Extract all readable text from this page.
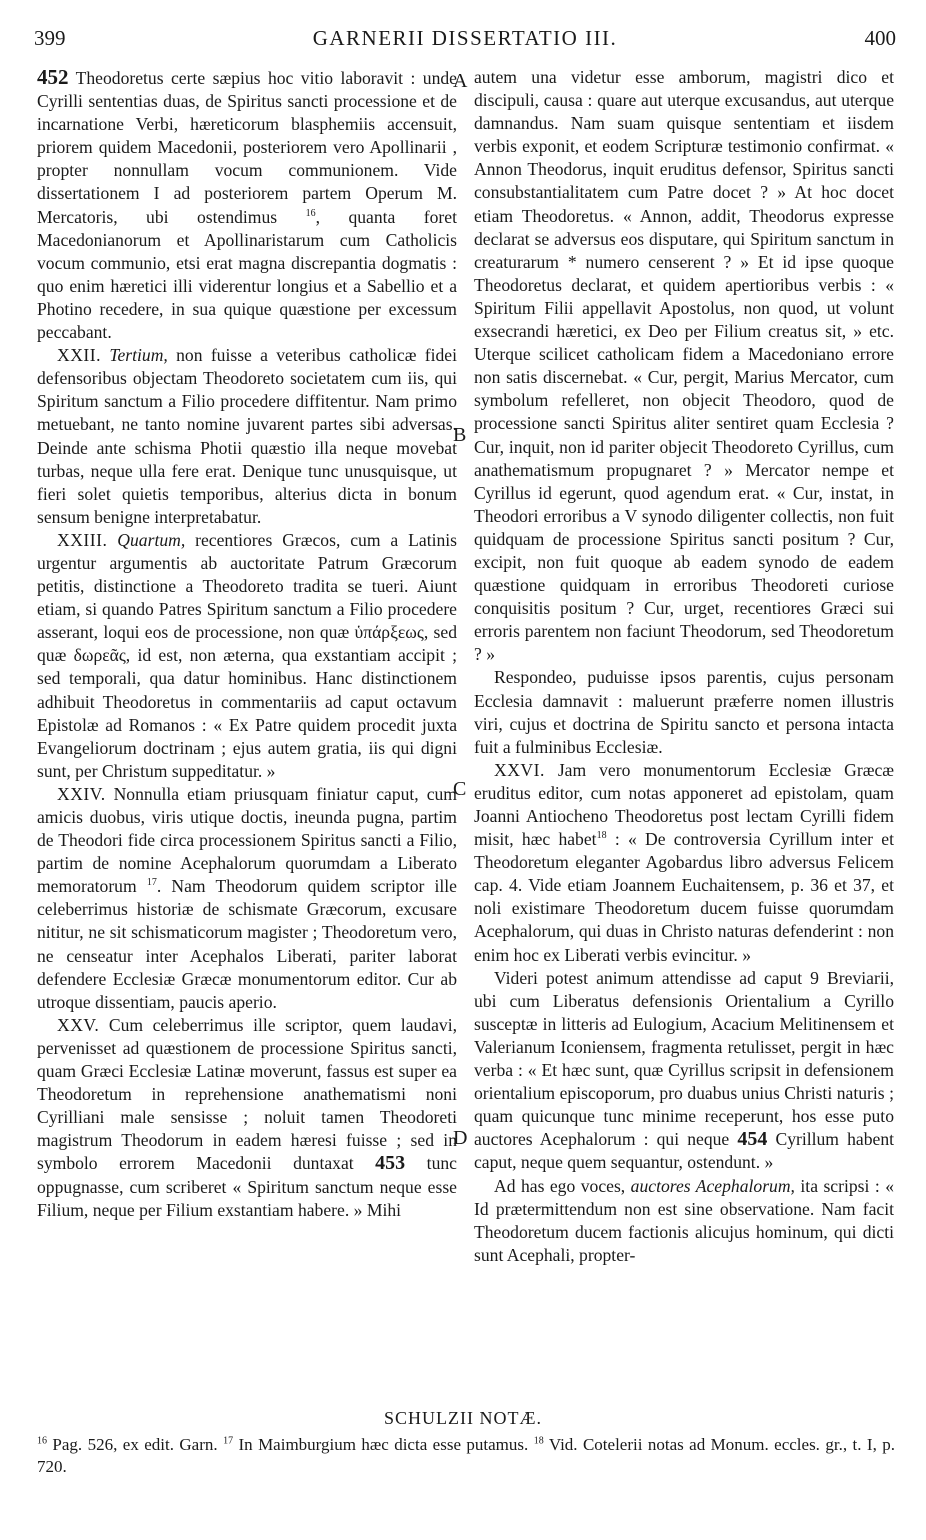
399	GARNERII DISSERTATIO III.	400
A
B
C
D

452 Theodoretus certe sæpius hoc vitio laboravit : unde Cyrilli sententias duas, de Spiritus sancti processione et de incarnatione Verbi, hæreticorum blasphemiis accensuit, priorem quidem Macedonii, posteriorem vero Apollinarii , propter nonnullam vocum communionem. Vide dissertationem I ad posteriorem partem Operum M. Mercatoris, ubi ostendimus	$^{16}$, quanta foret Macedonianorum et Apollinaristarum cum Catholicis vocum communio, etsi erat magna discrepantia dogmatis : quo enim hæretici illi viderentur longius et a Sabellio et a Photino recedere, in sua quique quæstione per excessum peccabant.

XXII. Tertium, non fuisse a veteribus catholicæ fidei defensoribus objectam Theodoreto societatem cum iis, qui Spiritum sanctum a Filio procedere diffitentur. Nam primo metuebant, ne tanto nomine juvarent partes sibi adversas. Deinde ante schisma Photii quæstio illa neque movebat turbas, neque ulla fere erat. Denique tunc unusquisque, ut fieri solet quietis temporibus, alterius dicta in bonum sensum benigne interpretabatur.

XXIII. Quartum, recentiores Græcos, cum a Latinis urgentur argumentis ab auctoritate Patrum Græcorum petitis, distinctione a Theodoreto tradita se tueri. Aiunt etiam, si quando Patres Spiritum sanctum a Filio procedere asserant, loqui eos de processione, non quæ ὑπάρξεως, sed quæ δωρεᾶς, id est, non æterna, qua exstantiam accipit ; sed temporali, qua datur hominibus. Hanc distinctionem adhibuit Theodoretus in commentariis ad caput octavum Epistolæ ad Romanos : « Ex Patre quidem procedit juxta Evangeliorum doctrinam ; ejus autem gratia, iis qui digni sunt, per Christum suppeditatur. »

XXIV. Nonnulla etiam priusquam finiatur caput, cum amicis duobus, viris utique doctis, ineunda pugna, partim de Theodori fide circa processionem Spiritus sancti a Filio, partim de nomine Acephalorum quorumdam a Liberato memoratorum $^{17}$. Nam Theodorum quidem scriptor ille celeberrimus historiæ de schismate Græcorum, excusare nititur, ne sit schismaticorum magister ; Theodoretum vero, ne censeatur inter Acephalos Liberati, pariter laborat defendere Ecclesiæ Græcæ monumentorum editor. Cur ab utroque dissentiam, paucis aperio.

XXV. Cum celeberrimus ille scriptor, quem laudavi, pervenisset ad quæstionem de processione Spiritus sancti, quam Græci Ecclesiæ Latinæ moverunt, fassus est super ea Theodoretum in reprehensione anathematismi noni Cyrilliani male sensisse ; noluit tamen Theodoreti magistrum Theodorum in eadem hæresi fuisse ; sed in symbolo errorem Macedonii duntaxat 453 tunc oppugnasse, cum scriberet « Spiritum sanctum neque esse Filium, neque per Filium exstantiam habere. » Mihi

autem una videtur esse amborum, magistri dico et discipuli, causa : quare aut uterque excusandus, aut uterque damnandus. Nam suam quisque sententiam et iisdem verbis exponit, et eodem Scripturæ testimonio confirmat. « Annon Theodorus, inquit eruditus defensor, Spiritus sancti consubstantialitatem cum Patre docet ? » At hoc docet etiam Theodoretus. « Annon, addit, Theodorus expresse declarat se adversus eos disputare, qui Spiritum sanctum in creaturarum * numero censerent ? » Et id ipse quoque Theodoretus declarat, et quidem apertioribus verbis : « Spiritum Filii appellavit Apostolus, non quod, ut volunt exsecrandi hæretici, ex Deo per Filium creatus sit, » etc. Uterque scilicet catholicam fidem a Macedoniano errore non satis discernebat. « Cur, pergit, Marius Mercator, cum symbolum refelleret, non objecit Theodoro, quod de processione sancti Spiritus aliter sentiret quam Ecclesia ? Cur, inquit, non id pariter objecit Theodoreto Cyrillus, cum anathematismum propugnaret ? » Mercator nempe et Cyrillus id egerunt, quod agendum erat. « Cur, instat, in Theodori erroribus a V synodo diligenter collectis, non fuit quidquam de processione Spiritus sancti positum ? Cur, excipit, non fuit quoque ab eadem synodo de eadem quæstione quidquam in erroribus Theodoreti curiose conquisitis positum ? Cur, urget, recentiores Græci sui erroris parentem non faciunt Theodorum, sed Theodoretum ? »

Respondeo, puduisse ipsos parentis, cujus personam Ecclesia damnavit : maluerunt præferre nomen illustris viri, cujus et doctrina de Spiritu sancto et persona intacta fuit a fulminibus Ecclesiæ.

XXVI. Jam vero monumentorum Ecclesiæ Græcæ eruditus editor, cum notas apponeret ad epistolam, quam Joanni Antiocheno Theodoretus post lectam Cyrilli fidem misit, hæc habet$^{18}$ : « De controversia Cyrillum inter et Theodoretum eleganter Agobardus libro adversus Felicem cap. 4. Vide etiam Joannem Euchaitensem, p. 36 et 37, et noli existimare Theodoretum ducem fuisse quorumdam Acephalorum, qui duas in Christo naturas defenderint : non enim hoc ex Liberati verbis evincitur. »

Videri potest animum attendisse ad caput 9 Breviarii, ubi cum Liberatus defensionis Orientalium a Cyrillo susceptæ in litteris ad Eulogium, Acacium Melitinensem et Valerianum Iconiensem, fragmenta retulisset, pergit in hæc verba : « Et hæc sunt, quæ Cyrillus scripsit in defensionem orientalium episcoporum, pro duabus unius Christi naturis ; quam quicunque tunc minime receperunt, hos esse puto auctores Acephalorum : qui neque 454 Cyrillum habent caput, neque quem sequantur, ostendunt. »

Ad has ego voces, auctores Acephalorum, ita scripsi : « Id prætermittendum non est sine observatione. Nam facit Theodoretum ducem factionis alicujus hominum, qui dicti sunt Acephali, propter-

SCHULZII NOTÆ.
$^{16}$ Pag. 526, ex edit. Garn. $^{17}$ In Maimburgium hæc dicta esse putamus. $^{18}$ Vid. Cotelerii notas ad Monum. eccles. gr., t. I, p. 720.
